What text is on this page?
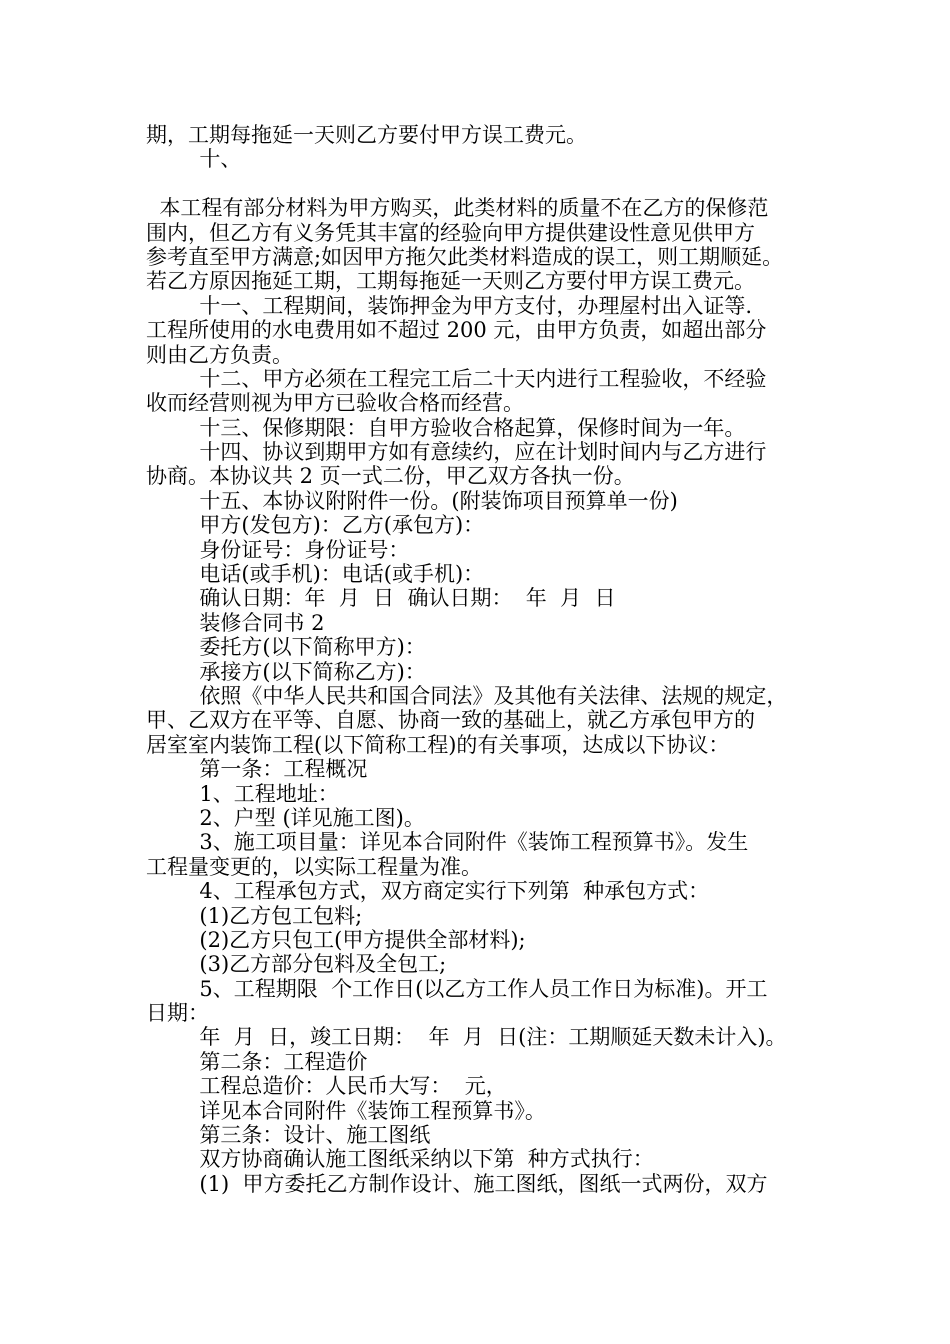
期，工期每拖延一天则乙方要付甲方误工费元。
十、
本工程有部分材料为甲方购买，此类材料的质量不在乙方的保修范
围内，但乙方有义务凭其丰富的经验向甲方提供建设性意见供甲方
参考直至甲方满意;如因甲方拖欠此类材料造成的误工，则工期顺延。
若乙方原因拖延工期，工期每拖延一天则乙方要付甲方误工费元。
十一、工程期间，装饰押金为甲方支付，办理屋村出入证等.
工程所使用的水电费用如不超过 200 元，由甲方负责，如超出部分
则由乙方负责。
十二、甲方必须在工程完工后二十天内进行工程验收，不经验
收而经营则视为甲方已验收合格而经营。
十三、保修期限：自甲方验收合格起算，保修时间为一年。
十四、协议到期甲方如有意续约，应在计划时间内与乙方进行
协商。本协议共 2 页一式二份，甲乙双方各执一份。
十五、本协议附附件一份。(附装饰项目预算单一份)
甲方(发包方)：乙方(承包方)：
身份证号：身份证号：
电话(或手机)：电话(或手机)：
确认日期：年  月  日  确认日期：  年  月  日
装修合同书 2
委托方(以下简称甲方)：
承接方(以下简称乙方)：
依照《中华人民共和国合同法》及其他有关法律、法规的规定，
甲、乙双方在平等、自愿、协商一致的基础上，就乙方承包甲方的
居室室内装饰工程(以下简称工程)的有关事项，达成以下协议：
第一条：工程概况
1、工程地址：
2、户型 (详见施工图)。
3、施工项目量：详见本合同附件《装饰工程预算书》。发生
工程量变更的，以实际工程量为准。
4、工程承包方式，双方商定实行下列第  种承包方式：
(1)乙方包工包料;
(2)乙方只包工(甲方提供全部材料);
(3)乙方部分包料及全包工;
5、工程期限  个工作日(以乙方工作人员工作日为标准)。开工
日期：
年  月  日，竣工日期：  年  月  日(注：工期顺延天数未计入)。
第二条：工程造价
工程总造价：人民币大写：  元，
详见本合同附件《装饰工程预算书》。
第三条：设计、施工图纸
双方协商确认施工图纸采纳以下第  种方式执行：
(1)  甲方委托乙方制作设计、施工图纸，图纸一式两份，双方
